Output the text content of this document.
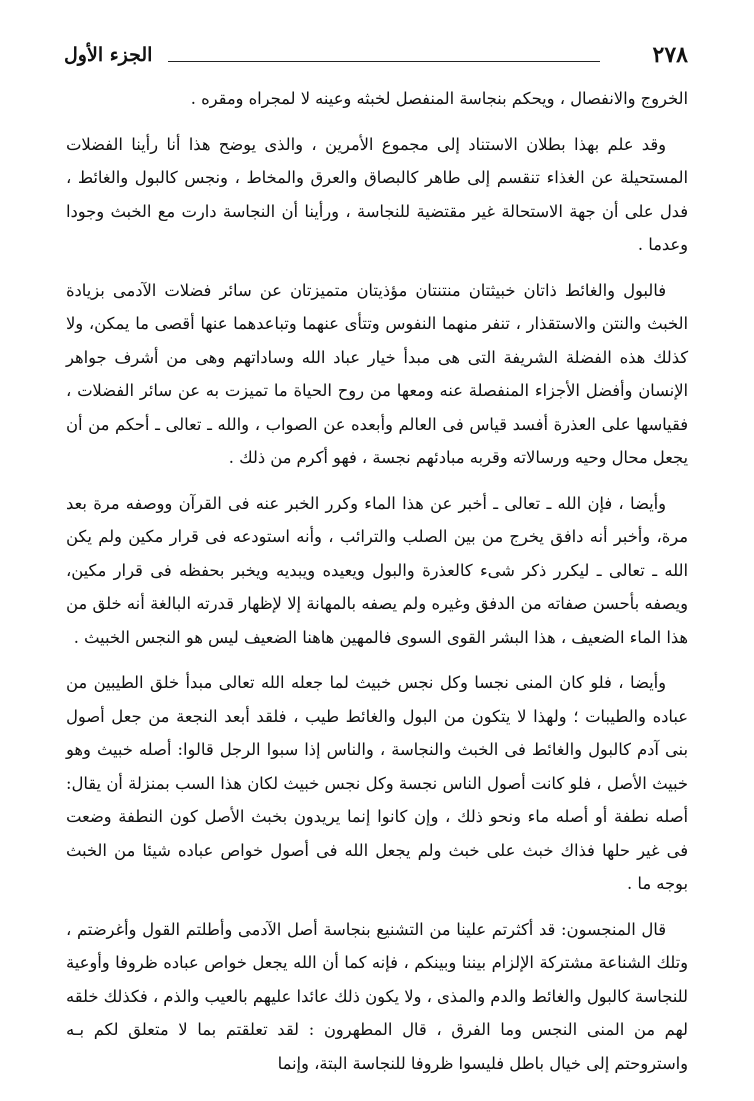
٢٧٨
الجزء الأول

الخروج والانفصال ، ويحكم بنجاسة المنفصل لخبثه وعينه لا لمجراه ومقره .

وقد علم بهذا بطلان الاستناد إلى مجموع الأمرين ، والذى يوضح هذا أنا رأينا الفضلات المستحيلة عن الغذاء تنقسم إلى طاهر كالبصاق والعرق والمخاط ، ونجس كالبول والغائط ، فدل على أن جهة الاستحالة غير مقتضية للنجاسة ، ورأينا أن النجاسة دارت مع الخبث وجودا وعدما .

فالبول والغائط ذاتان خبيثتان منتنتان مؤذيتان متميزتان عن سائر فضلات الآدمى بزيادة الخبث والنتن والاستقذار ، تنفر منهما النفوس وتتأى عنهما وتباعدهما عنها أقصى ما يمكن، ولا كذلك هذه الفضلة الشريفة التى هى مبدأ خيار عباد الله وساداتهم وهى من أشرف جواهر الإنسان وأفضل الأجزاء المنفصلة عنه ومعها من روح الحياة ما تميزت به عن سائر الفضلات ، فقياسها على العذرة أفسد قياس فى العالم وأبعده عن الصواب ، والله ـ تعالى ـ أحكم من أن يجعل محال وحيه ورسالاته وقربه مبادئهم نجسة ، فهو أكرم من ذلك .

وأيضا ، فإن الله ـ تعالى ـ أخبر عن هذا الماء وكرر الخبر عنه فى القرآن ووصفه مرة بعد مرة، وأخبر أنه دافق يخرج من بين الصلب والترائب ، وأنه استودعه فى قرار مكين ولم يكن الله ـ تعالى ـ ليكرر ذكر شىء كالعذرة والبول ويعيده ويبديه ويخبر بحفظه فى قرار مكين، ويصفه بأحسن صفاته من الدفق وغيره ولم يصفه بالمهانة إلا لإظهار قدرته البالغة أنه خلق من هذا الماء الضعيف ، هذا البشر القوى السوى فالمهين هاهنا الضعيف ليس هو النجس الخبيث .

وأيضا ، فلو كان المنى نجسا وكل نجس خبيث لما جعله الله تعالى مبدأ خلق الطيبين من عباده والطيبات ؛ ولهذا لا يتكون من البول والغائط طيب ، فلقد أبعد النجعة من جعل أصول بنى آدم كالبول والغائط فى الخبث والنجاسة ، والناس إذا سبوا الرجل قالوا: أصله خبيث وهو خبيث الأصل ، فلو كانت أصول الناس نجسة وكل نجس خبيث لكان هذا السب بمنزلة أن يقال: أصله نطفة أو أصله ماء ونحو ذلك ، وإن كانوا إنما يريدون بخبث الأصل كون النطفة وضعت فى غير حلها فذاك خبث على خبث ولم يجعل الله فى أصول خواص عباده شيئا من الخبث بوجه ما .

قال المنجسون: قد أكثرتم علينا من التشنيع بنجاسة أصل الآدمى وأطلتم القول وأغرضتم ، وتلك الشناعة مشتركة الإلزام بيننا وبينكم ، فإنه كما أن الله يجعل خواص عباده ظروفا وأوعية للنجاسة كالبول والغائط والدم والمذى ، ولا يكون ذلك عائدا عليهم بالعيب والذم ، فكذلك خلقه لهم من المنى النجس وما الفرق ، قال المطهرون : لقد تعلقتم بما لا متعلق لكم بـه واستروحتم إلى خيال باطل فليسوا ظروفا للنجاسة البتة، وإنما
